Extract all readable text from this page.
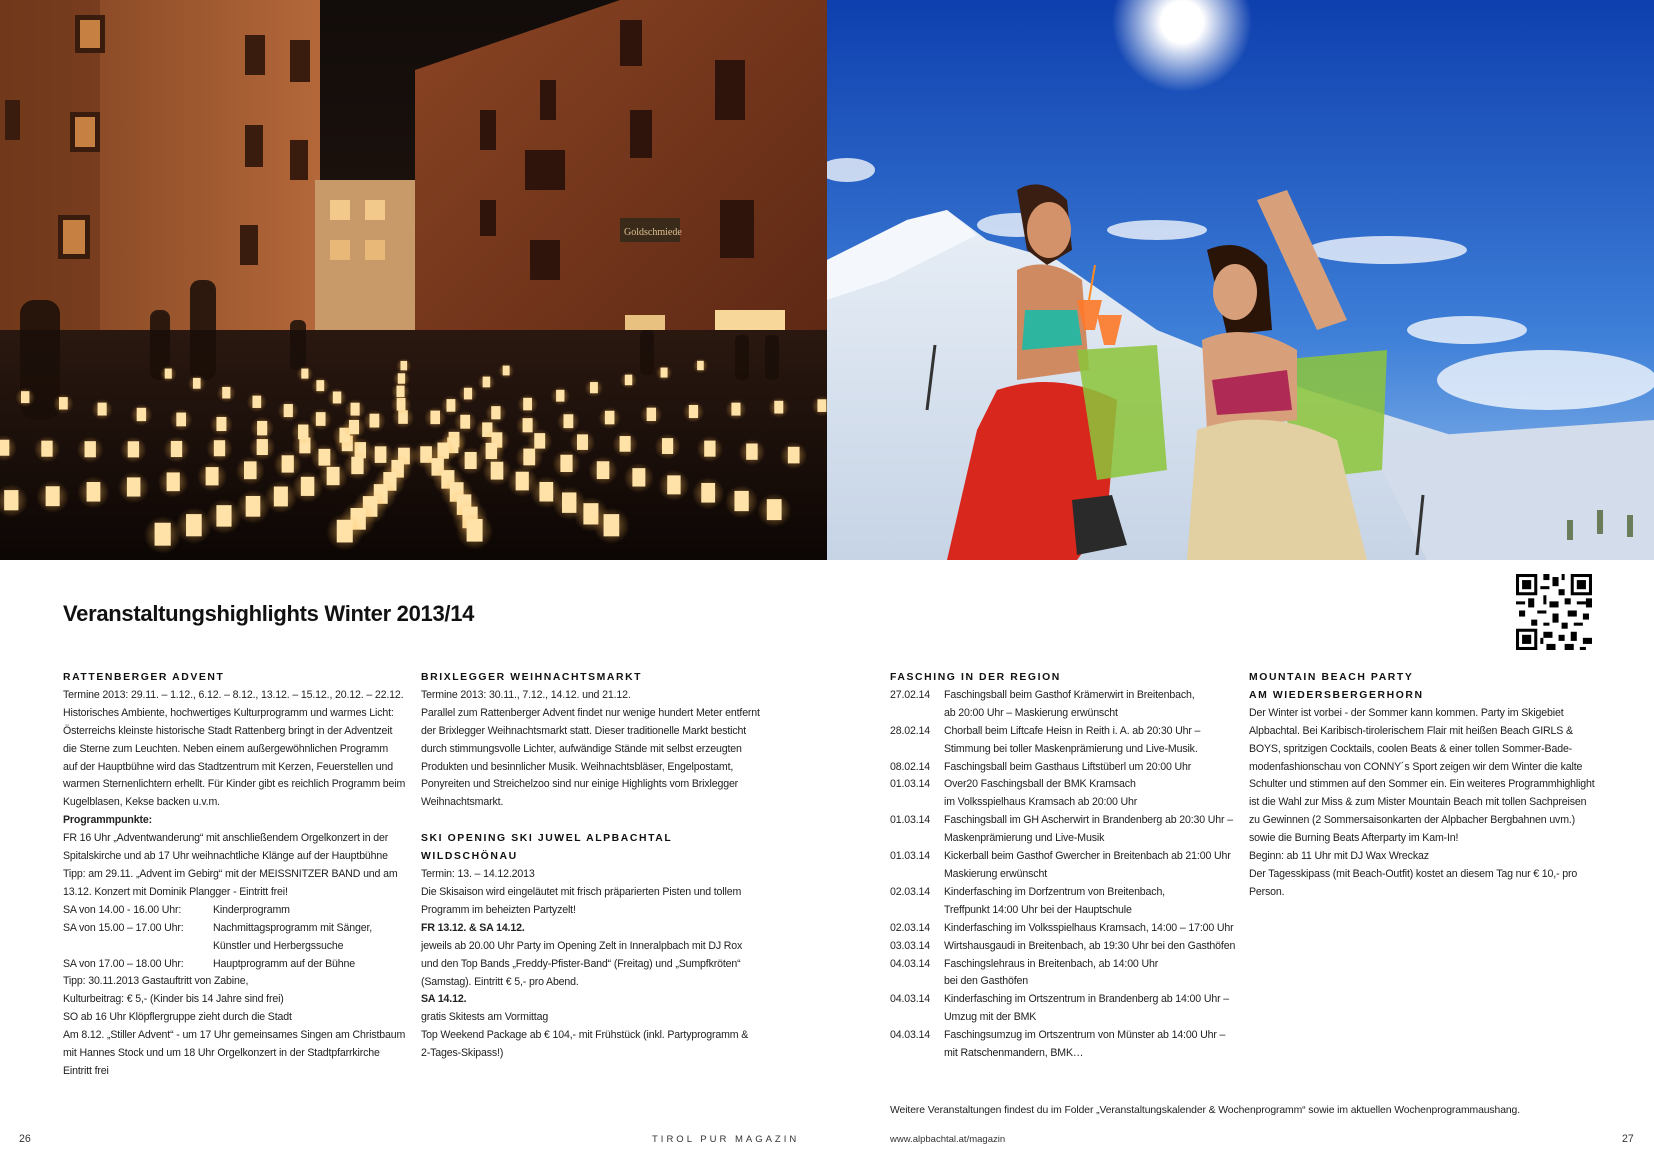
Goldschmiede
Veranstaltungshighlights Winter 2013/14
RATTENBERGER ADVENT
Termine 2013: 29.11. – 1.12., 6.12. – 8.12., 13.12. – 15.12., 20.12. – 22.12.
Historisches Ambiente, hochwertiges Kulturprogramm und warmes Licht:
Österreichs kleinste historische Stadt Rattenberg bringt in der Adventzeit
die Sterne zum Leuchten. Neben einem außergewöhnlichen Programm
auf der Hauptbühne wird das Stadtzentrum mit Kerzen, Feuerstellen und
warmen Sternenlichtern erhellt. Für Kinder gibt es reichlich Programm beim
Kugelblasen, Kekse backen u.v.m.
Programmpunkte:
FR 16 Uhr „Adventwanderung“ mit anschließendem Orgelkonzert in der
Spitalskirche und ab 17 Uhr weihnachtliche Klänge auf der Hauptbühne
Tipp: am 29.11. „Advent im Gebirg“ mit der MEISSNITZER BAND und am
13.12. Konzert mit Dominik Plangger - Eintritt frei!
SA von 14.00 - 16.00 Uhr:	Kinderprogramm
SA von 15.00 – 17.00 Uhr:	Nachmittagsprogramm mit Sänger,
Künstler und Herbergssuche
SA von 17.00 – 18.00 Uhr:	Hauptprogramm auf der Bühne
Tipp: 30.11.2013 Gastauftritt von Zabine,
Kulturbeitrag: € 5,- (Kinder bis 14 Jahre sind frei)
SO ab 16 Uhr Klöpflergruppe zieht durch die Stadt
Am 8.12. „Stiller Advent“ - um 17 Uhr gemeinsames Singen am Christbaum
mit Hannes Stock und um 18 Uhr Orgelkonzert in der Stadtpfarrkirche
Eintritt frei
BRIXLEGGER WEIHNACHTSMARKT
Termine 2013: 30.11., 7.12., 14.12. und 21.12.
Parallel zum Rattenberger Advent findet nur wenige hundert Meter entfernt
der Brixlegger Weihnachtsmarkt statt. Dieser traditionelle Markt besticht
durch stimmungsvolle Lichter, aufwändige Stände mit selbst erzeugten
Produkten und besinnlicher Musik. Weihnachtsbläser, Engelpostamt,
Ponyreiten und Streichelzoo sind nur einige Highlights vom Brixlegger
Weihnachtsmarkt.
SKI OPENING SKI JUWEL ALPBACHTAL WILDSCHÖNAU
Termin: 13. – 14.12.2013
Die Skisaison wird eingeläutet mit frisch präparierten Pisten und tollem
Programm im beheizten Partyzelt!
FR 13.12. & SA 14.12.
jeweils ab 20.00 Uhr Party im Opening Zelt in Inneralpbach mit DJ Rox
und den Top Bands „Freddy-Pfister-Band“ (Freitag) und „Sumpfkröten“
(Samstag). Eintritt € 5,- pro Abend.
SA 14.12.
gratis Skitests am Vormittag
Top Weekend Package ab € 104,- mit Frühstück (inkl. Partyprogramm &
2-Tages-Skipass!)
FASCHING IN DER REGION
27.02.14	Faschingsball beim Gasthof Krämerwirt in Breitenbach,
ab 20:00 Uhr – Maskierung erwünscht
28.02.14	Chorball beim Liftcafe Heisn in Reith i. A. ab 20:30 Uhr –
Stimmung bei toller Maskenprämierung und Live-Musik.
08.02.14	Faschingsball beim Gasthaus Liftstüberl um 20:00 Uhr
01.03.14	Over20 Faschingsball der BMK Kramsach
im Volksspielhaus Kramsach ab 20:00 Uhr
01.03.14	Faschingsball im GH Ascherwirt in Brandenberg ab 20:30 Uhr –
Maskenprämierung und Live-Musik
01.03.14	Kickerball beim Gasthof Gwercher in Breitenbach ab 21:00 Uhr
Maskierung erwünscht
02.03.14	Kinderfasching im Dorfzentrum von Breitenbach,
Treffpunkt 14:00 Uhr bei der Hauptschule
02.03.14	Kinderfasching im Volksspielhaus Kramsach, 14:00 – 17:00 Uhr
03.03.14	Wirtshausgaudi in Breitenbach, ab 19:30 Uhr bei den Gasthöfen
04.03.14	Faschingslehraus in Breitenbach, ab 14:00 Uhr
bei den Gasthöfen
04.03.14	Kinderfasching im Ortszentrum in Brandenberg ab 14:00 Uhr –
Umzug mit der BMK
04.03.14	Faschingsumzug im Ortszentrum von Münster ab 14:00 Uhr –
mit Ratschenmandern, BMK…
MOUNTAIN BEACH PARTY
AM WIEDERSBERGERHORN
Der Winter ist vorbei - der Sommer kann kommen. Party im Skigebiet
Alpbachtal. Bei Karibisch-tirolerischem Flair mit heißen Beach GIRLS &
BOYS, spritzigen Cocktails, coolen Beats & einer tollen Sommer-Bade-
modenfashionschau von CONNY´s Sport zeigen wir dem Winter die kalte
Schulter und stimmen auf den Sommer ein. Ein weiteres Programmhighlight
ist die Wahl zur Miss & zum Mister Mountain Beach mit tollen Sachpreisen
zu Gewinnen (2 Sommersaisonkarten der Alpbacher Bergbahnen uvm.)
sowie die Burning Beats Afterparty im Kam-In!
Beginn: ab 11 Uhr mit DJ Wax Wreckaz
Der Tagesskipass (mit Beach-Outfit) kostet an diesem Tag nur € 10,- pro
Person.
Weitere Veranstaltungen findest du im Folder „Veranstaltungskalender & Wochenprogramm“ sowie im aktuellen Wochenprogrammaushang.
26	TIROL PUR MAGAZIN	www.alpbachtal.at/magazin	27
